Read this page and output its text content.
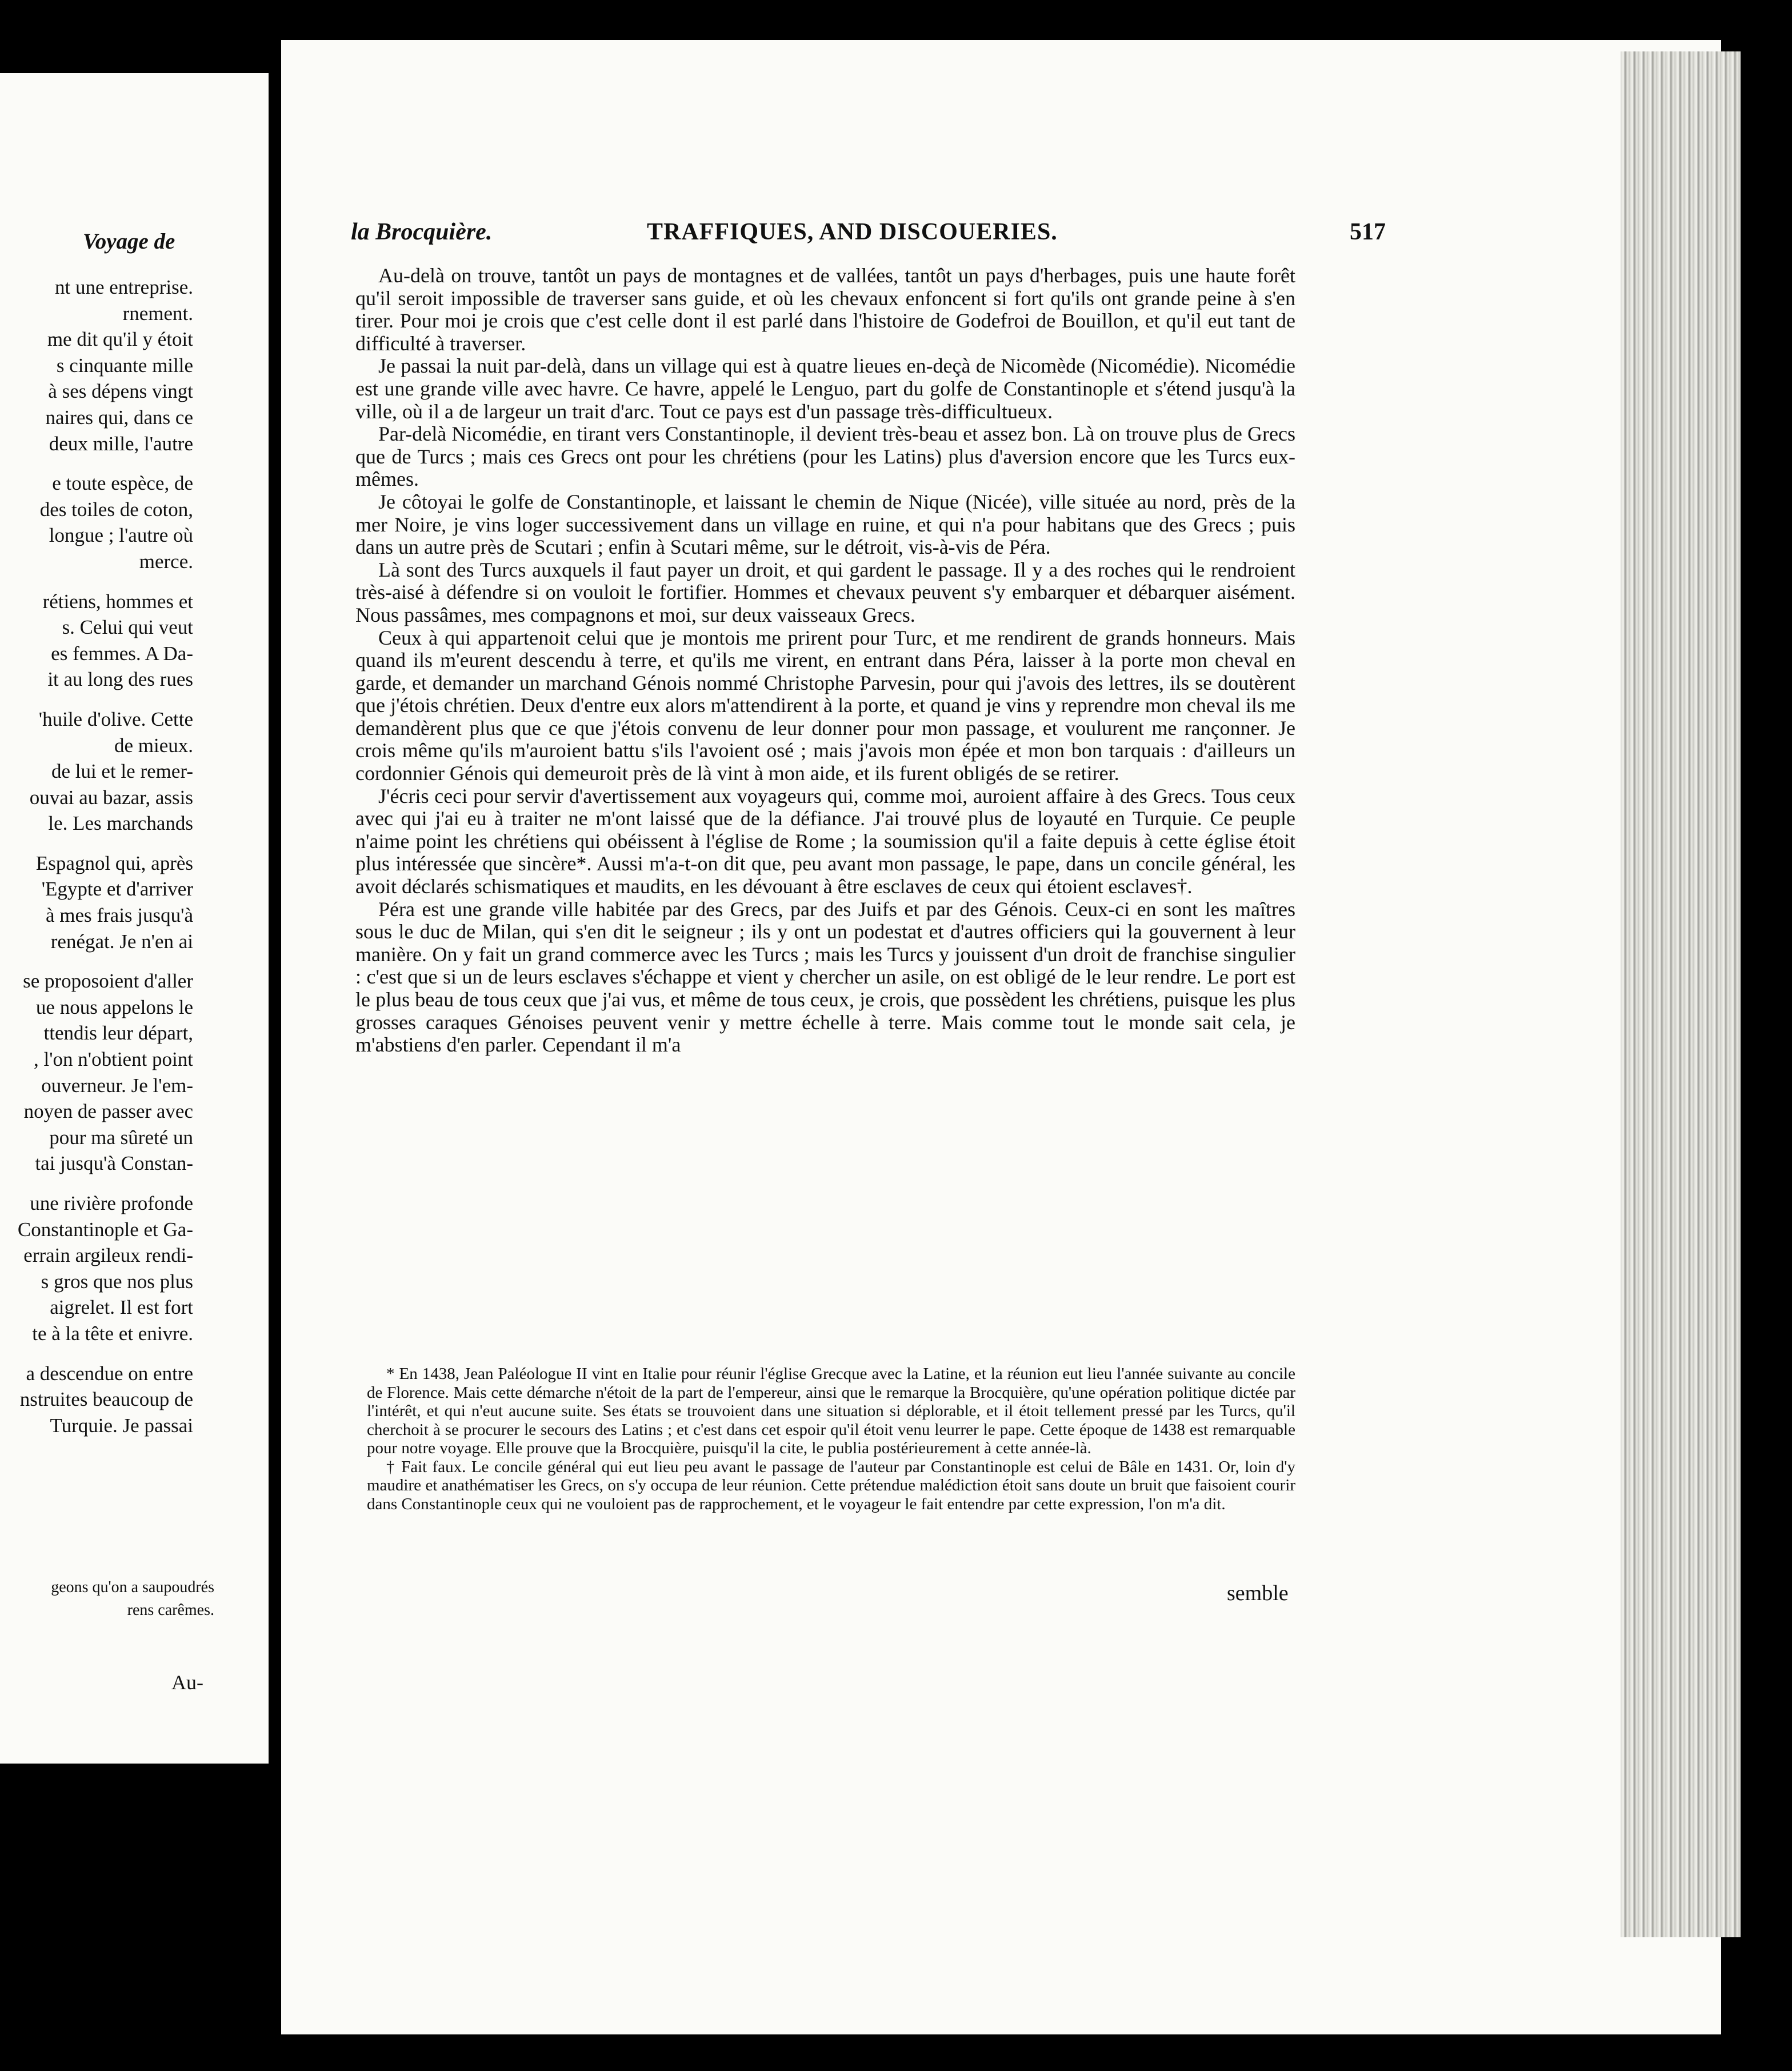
Voyage de
nt une entreprise.
rnement.
me dit qu'il y étoit
s cinquante mille
à ses dépens vingt
naires qui, dans ce
deux mille, l'autre
e toute espèce, de
des toiles de coton,
longue ; l'autre où
merce.
rétiens, hommes et
s. Celui qui veut
es femmes. A Da-
it au long des rues
'huile d'olive. Cette
de mieux.
de lui et le remer-
ouvai au bazar, assis
le. Les marchands
Espagnol qui, après
'Egypte et d'arriver
à mes frais jusqu'à
renégat. Je n'en ai
se proposoient d'aller
ue nous appelons le
ttendis leur départ,
, l'on n'obtient point
ouverneur. Je l'em-
noyen de passer avec
pour ma sûreté un
tai jusqu'à Constan-
une rivière profonde
Constantinople et Ga-
errain argileux rendi-
s gros que nos plus
aigrelet. Il est fort
te à la tête et enivre.
a descendue on entre
nstruites beaucoup de
Turquie. Je passai
geons qu'on a saupoudrés
rens carêmes.
Au-
la Brocquière.	TRAFFIQUES, AND DISCOUERIES.	517

Au-delà on trouve, tantôt un pays de montagnes et de vallées, tantôt un pays d'herbages, puis une haute forêt qu'il seroit impossible de traverser sans guide, et où les chevaux enfoncent si fort qu'ils ont grande peine à s'en tirer. Pour moi je crois que c'est celle dont il est parlé dans l'histoire de Godefroi de Bouillon, et qu'il eut tant de difficulté à traverser.

Je passai la nuit par-delà, dans un village qui est à quatre lieues en-deçà de Nicomède (Nicomédie). Nicomédie est une grande ville avec havre. Ce havre, appelé le Lenguo, part du golfe de Constantinople et s'étend jusqu'à la ville, où il a de largeur un trait d'arc. Tout ce pays est d'un passage très-difficultueux.

Par-delà Nicomédie, en tirant vers Constantinople, il devient très-beau et assez bon. Là on trouve plus de Grecs que de Turcs ; mais ces Grecs ont pour les chrétiens (pour les Latins) plus d'aversion encore que les Turcs eux-mêmes.

Je côtoyai le golfe de Constantinople, et laissant le chemin de Nique (Nicée), ville située au nord, près de la mer Noire, je vins loger successivement dans un village en ruine, et qui n'a pour habitans que des Grecs ; puis dans un autre près de Scutari ; enfin à Scutari même, sur le détroit, vis-à-vis de Péra.

Là sont des Turcs auxquels il faut payer un droit, et qui gardent le passage. Il y a des roches qui le rendroient très-aisé à défendre si on vouloit le fortifier. Hommes et chevaux peuvent s'y embarquer et débarquer aisément. Nous passâmes, mes compagnons et moi, sur deux vaisseaux Grecs.

Ceux à qui appartenoit celui que je montois me prirent pour Turc, et me rendirent de grands honneurs. Mais quand ils m'eurent descendu à terre, et qu'ils me virent, en entrant dans Péra, laisser à la porte mon cheval en garde, et demander un marchand Génois nommé Christophe Parvesin, pour qui j'avois des lettres, ils se doutèrent que j'étois chrétien. Deux d'entre eux alors m'attendirent à la porte, et quand je vins y reprendre mon cheval ils me demandèrent plus que ce que j'étois convenu de leur donner pour mon passage, et voulurent me rançonner. Je crois même qu'ils m'auroient battu s'ils l'avoient osé ; mais j'avois mon épée et mon bon tarquais : d'ailleurs un cordonnier Génois qui demeuroit près de là vint à mon aide, et ils furent obligés de se retirer.

J'écris ceci pour servir d'avertissement aux voyageurs qui, comme moi, auroient affaire à des Grecs. Tous ceux avec qui j'ai eu à traiter ne m'ont laissé que de la défiance. J'ai trouvé plus de loyauté en Turquie. Ce peuple n'aime point les chrétiens qui obéissent à l'église de Rome ; la soumission qu'il a faite depuis à cette église étoit plus intéressée que sincère*. Aussi m'a-t-on dit que, peu avant mon passage, le pape, dans un concile général, les avoit déclarés schismatiques et maudits, en les dévouant à être esclaves de ceux qui étoient esclaves†.

Péra est une grande ville habitée par des Grecs, par des Juifs et par des Génois. Ceux-ci en sont les maîtres sous le duc de Milan, qui s'en dit le seigneur ; ils y ont un podestat et d'autres officiers qui la gouvernent à leur manière. On y fait un grand commerce avec les Turcs ; mais les Turcs y jouissent d'un droit de franchise singulier : c'est que si un de leurs esclaves s'échappe et vient y chercher un asile, on est obligé de le leur rendre. Le port est le plus beau de tous ceux que j'ai vus, et même de tous ceux, je crois, que possèdent les chrétiens, puisque les plus grosses caraques Génoises peuvent venir y mettre échelle à terre. Mais comme tout le monde sait cela, je m'abstiens d'en parler. Cependant il m'a

* En 1438, Jean Paléologue II vint en Italie pour réunir l'église Grecque avec la Latine, et la réunion eut lieu l'année suivante au concile de Florence. Mais cette démarche n'étoit de la part de l'empereur, ainsi que le remarque la Brocquière, qu'une opération politique dictée par l'intérêt, et qui n'eut aucune suite. Ses états se trouvoient dans une situation si déplorable, et il étoit tellement pressé par les Turcs, qu'il cherchoit à se procurer le secours des Latins ; et c'est dans cet espoir qu'il étoit venu leurrer le pape. Cette époque de 1438 est remarquable pour notre voyage. Elle prouve que la Brocquière, puisqu'il la cite, le publia postérieurement à cette année-là.

† Fait faux. Le concile général qui eut lieu peu avant le passage de l'auteur par Constantinople est celui de Bâle en 1431. Or, loin d'y maudire et anathématiser les Grecs, on s'y occupa de leur réunion. Cette prétendue malédiction étoit sans doute un bruit que faisoient courir dans Constantinople ceux qui ne vouloient pas de rapprochement, et le voyageur le fait entendre par cette expression, l'on m'a dit.

semble
